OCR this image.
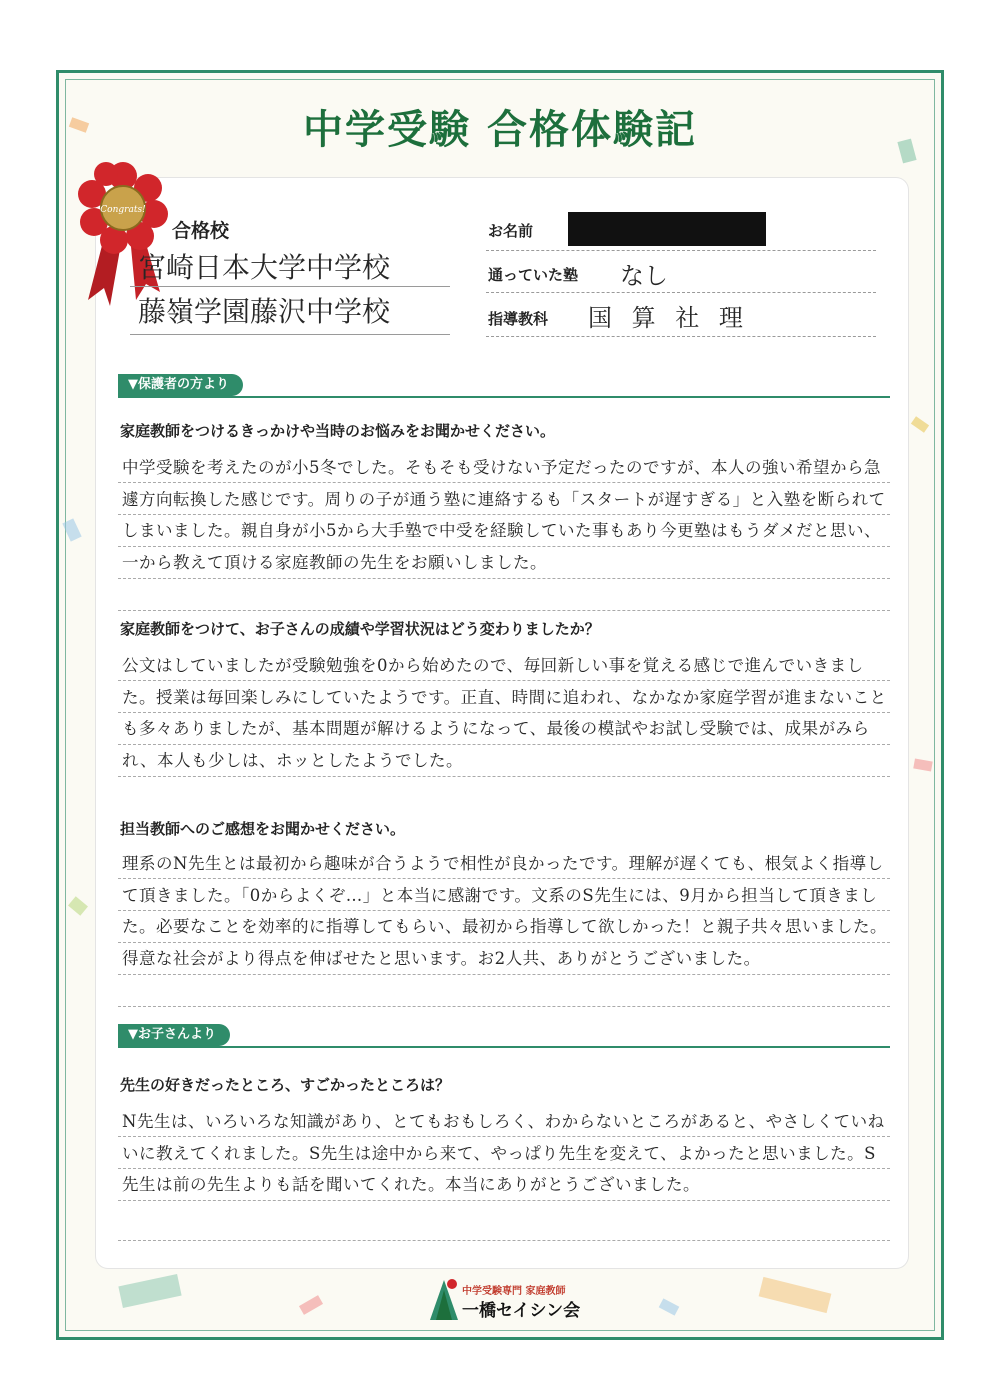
中学受験 合格体験記
Congrats!
合格校
宮崎日本大学中学校
藤嶺学園藤沢中学校
お名前
通っていた塾 なし
指導教科 国 算 社 理
▼保護者の方より
家庭教師をつけるきっかけや当時のお悩みをお聞かせください。
中学受験を考えたのが小5冬でした。そもそも受けない予定だったのですが、本人の強い希望から急遽方向転換した感じです。周りの子が通う塾に連絡するも「スタートが遅すぎる」と入塾を断られてしまいました。親自身が小5から大手塾で中受を経験していた事もあり今更塾はもうダメだと思い、一から教えて頂ける家庭教師の先生をお願いしました。
家庭教師をつけて、お子さんの成績や学習状況はどう変わりましたか？
公文はしていましたが受験勉強を0から始めたので、毎回新しい事を覚える感じで進んでいきました。授業は毎回楽しみにしていたようです。正直、時間に追われ、なかなか家庭学習が進まないことも多々ありましたが、基本問題が解けるようになって、最後の模試やお試し受験では、成果がみられ、本人も少しは、ホッとしたようでした。
担当教師へのご感想をお聞かせください。
理系のN先生とは最初から趣味が合うようで相性が良かったです。理解が遅くても、根気よく指導して頂きました。「0からよくぞ…」と本当に感謝です。文系のS先生には、9月から担当して頂きました。必要なことを効率的に指導してもらい、最初から指導して欲しかった！と親子共々思いました。得意な社会がより得点を伸ばせたと思います。お2人共、ありがとうございました。
▼お子さんより
先生の好きだったところ、すごかったところは？
N先生は、いろいろな知識があり、とてもおもしろく、わからないところがあると、やさしくていねいに教えてくれました。S先生は途中から来て、やっぱり先生を変えて、よかったと思いました。S先生は前の先生よりも話を聞いてくれた。本当にありがとうございました。
中学受験専門 家庭教師
一橋セイシン会
